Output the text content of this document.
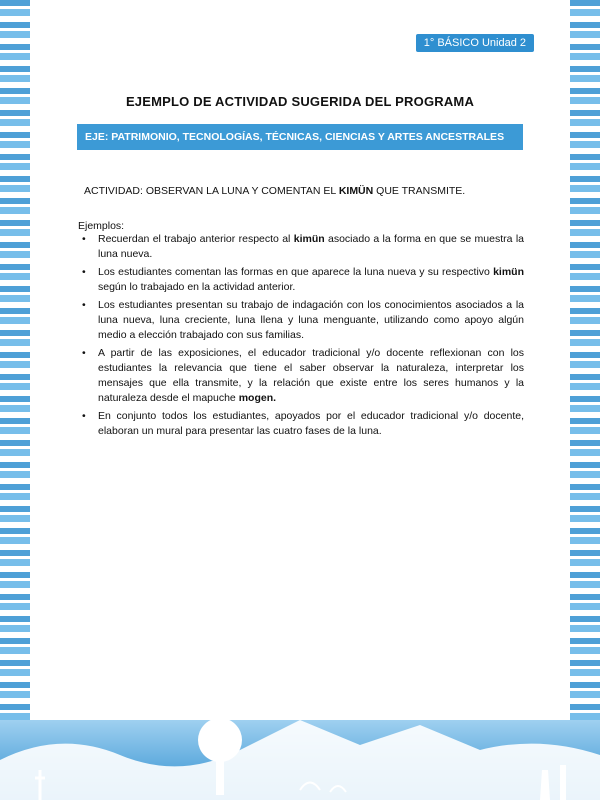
1° BÁSICO Unidad 2
EJEMPLO DE ACTIVIDAD SUGERIDA DEL PROGRAMA
EJE: PATRIMONIO, TECNOLOGÍAS, TÉCNICAS, CIENCIAS Y ARTES ANCESTRALES
ACTIVIDAD: OBSERVAN LA LUNA Y COMENTAN EL KIMÜN QUE TRANSMITE.
Ejemplos:
• Recuerdan el trabajo anterior respecto al kimün asociado a la forma en que se muestra la luna nueva.
• Los estudiantes comentan las formas en que aparece la luna nueva y su respectivo kimün según lo trabajado en la actividad anterior.
• Los estudiantes presentan su trabajo de indagación con los conocimientos asociados a la luna nueva, luna creciente, luna llena y luna menguante, utilizando como apoyo algún medio a elección trabajado con sus familias.
• A partir de las exposiciones, el educador tradicional y/o docente reflexionan con los estudiantes la relevancia que tiene el saber observar la naturaleza, interpretar los mensajes que ella transmite, y la relación que existe entre los seres humanos y la naturaleza desde el mapuche mogen.
• En conjunto todos los estudiantes, apoyados por el educador tradicional y/o docente, elaboran un mural para presentar las cuatro fases de la luna.
